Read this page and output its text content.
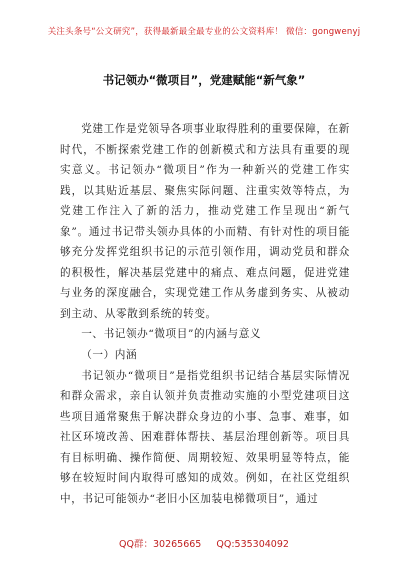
关注头条号“公文研究”，获得最新最全最专业的公文资料库！ 微信：gongwenyj
书记领办“微项目”，党建赋能“新气象”

党建工作是党领导各项事业取得胜利的重要保障，在新时代，不断探索党建工作的创新模式和方法具有重要的现实意义。书记领办“微项目”作为一种新兴的党建工作实践，以其贴近基层、聚焦实际问题、注重实效等特点，为党建工作注入了新的活力，推动党建工作呈现出“新气象”。通过书记带头领办具体的小而精、有针对性的项目能够充分发挥党组织书记的示范引领作用，调动党员和群众的积极性，解决基层党建中的痛点、难点问题，促进党建与业务的深度融合，实现党建工作从务虚到务实、从被动到主动、从零散到系统的转变。

一、书记领办“微项目”的内涵与意义
（一）内涵

书记领办“微项目”是指党组织书记结合基层实际情况和群众需求，亲自认领并负责推动实施的小型党建项目这些项目通常聚焦于解决群众身边的小事、急事、难事，如社区环境改善、困难群体帮扶、基层治理创新等。项目具有目标明确、操作简便、周期较短、效果明显等特点，能够在较短时间内取得可感知的成效。例如，在社区党组织中，书记可能领办“老旧小区加装电梯微项目”，通过

QQ群：30265665 QQ:535304092
